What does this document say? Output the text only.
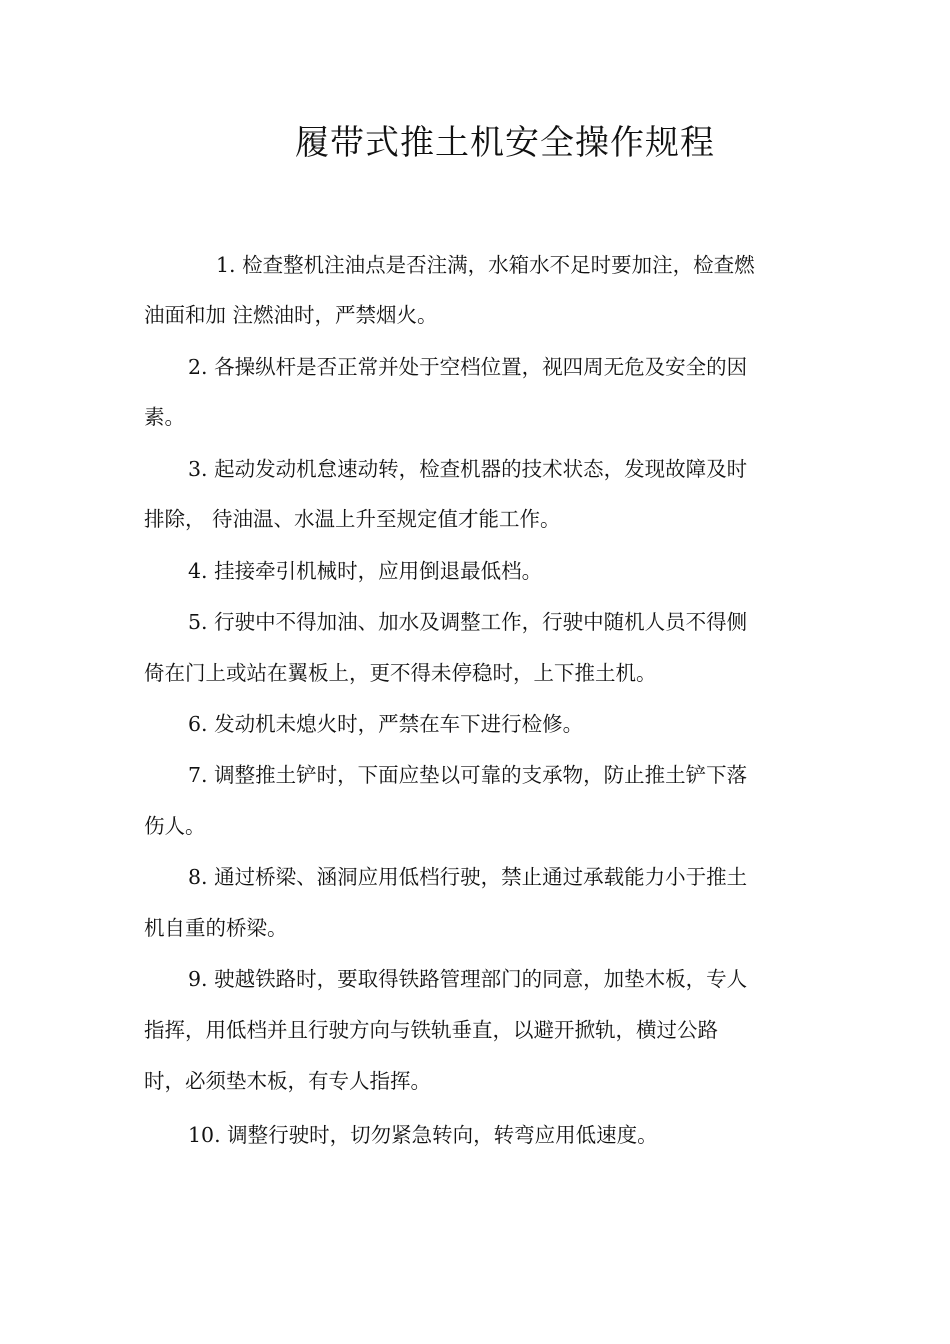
履带式推土机安全操作规程
1. 检查整机注油点是否注满，水箱水不足时要加注，检查燃
油面和加 注燃油时，严禁烟火。
2. 各操纵杆是否正常并处于空档位置，视四周无危及安全的因
素。
3. 起动发动机怠速动转，检查机器的技术状态，发现故障及时
排除， 待油温、水温上升至规定值才能工作。
4. 挂接牵引机械时，应用倒退最低档。
5. 行驶中不得加油、加水及调整工作，行驶中随机人员不得侧
倚在门上或站在翼板上，更不得未停稳时，上下推土机。
6. 发动机未熄火时，严禁在车下进行检修。
7. 调整推土铲时，下面应垫以可靠的支承物，防止推土铲下落
伤人。
8. 通过桥梁、涵洞应用低档行驶，禁止通过承载能力小于推土
机自重的桥梁。
9. 驶越铁路时，要取得铁路管理部门的同意，加垫木板，专人
指挥，用低档并且行驶方向与铁轨垂直，以避开掀轨，横过公路
时，必须垫木板，有专人指挥。
10. 调整行驶时，切勿紧急转向，转弯应用低速度。
